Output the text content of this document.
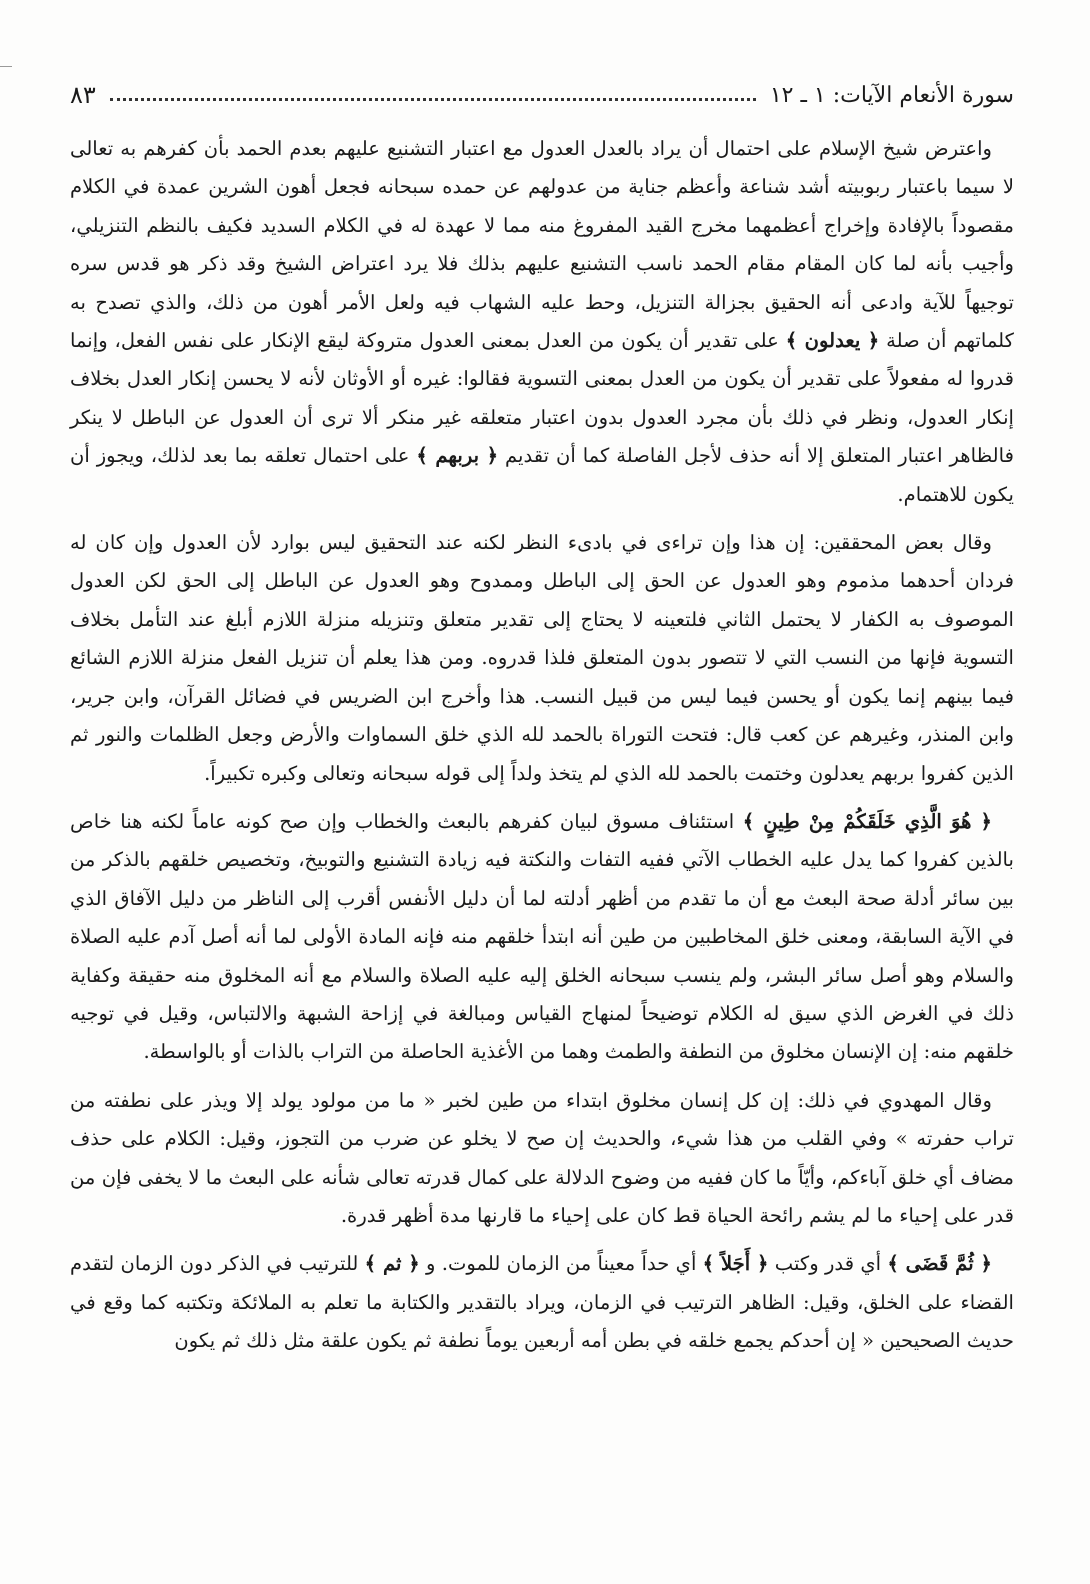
سورة الأنعام الآيات: ١ ـ ١٢
٨٣

واعترض شيخ الإسلام على احتمال أن يراد بالعدل العدول مع اعتبار التشنيع عليهم بعدم الحمد بأن كفرهم به تعالى لا سيما باعتبار ربوبيته أشد شناعة وأعظم جناية من عدولهم عن حمده سبحانه فجعل أهون الشرين عمدة في الكلام مقصوداً بالإفادة وإخراج أعظمهما مخرج القيد المفروغ منه مما لا عهدة له في الكلام السديد فكيف بالنظم التنزيلي، وأجيب بأنه لما كان المقام مقام الحمد ناسب التشنيع عليهم بذلك فلا يرد اعتراض الشيخ وقد ذكر هو قدس سره توجيهاً للآية وادعى أنه الحقيق بجزالة التنزيل، وحط عليه الشهاب فيه ولعل الأمر أهون من ذلك، والذي تصدح به كلماتهم أن صلة ﴿ يعدلون ﴾ على تقدير أن يكون من العدل بمعنى العدول متروكة ليقع الإنكار على نفس الفعل، وإنما قدروا له مفعولاً على تقدير أن يكون من العدل بمعنى التسوية فقالوا: غيره أو الأوثان لأنه لا يحسن إنكار العدل بخلاف إنكار العدول، ونظر في ذلك بأن مجرد العدول بدون اعتبار متعلقه غير منكر ألا ترى أن العدول عن الباطل لا ينكر فالظاهر اعتبار المتعلق إلا أنه حذف لأجل الفاصلة كما أن تقديم ﴿ بربهم ﴾ على احتمال تعلقه بما بعد لذلك، ويجوز أن يكون للاهتمام.

وقال بعض المحققين: إن هذا وإن تراءى في بادىء النظر لكنه عند التحقيق ليس بوارد لأن العدول وإن كان له فردان أحدهما مذموم وهو العدول عن الحق إلى الباطل وممدوح وهو العدول عن الباطل إلى الحق لكن العدول الموصوف به الكفار لا يحتمل الثاني فلتعينه لا يحتاج إلى تقدير متعلق وتنزيله منزلة اللازم أبلغ عند التأمل بخلاف التسوية فإنها من النسب التي لا تتصور بدون المتعلق فلذا قدروه. ومن هذا يعلم أن تنزيل الفعل منزلة اللازم الشائع فيما بينهم إنما يكون أو يحسن فيما ليس من قبيل النسب. هذا وأخرج ابن الضريس في فضائل القرآن، وابن جرير، وابن المنذر، وغيرهم عن كعب قال: فتحت التوراة بالحمد لله الذي خلق السماوات والأرض وجعل الظلمات والنور ثم الذين كفروا بربهم يعدلون وختمت بالحمد لله الذي لم يتخذ ولداً إلى قوله سبحانه وتعالى وكبره تكبيراً.

﴿ هُوَ الَّذِي خَلَقَكُمْ مِنْ طِينٍ ﴾ استئناف مسوق لبيان كفرهم بالبعث والخطاب وإن صح كونه عاماً لكنه هنا خاص بالذين كفروا كما يدل عليه الخطاب الآتي ففيه التفات والنكتة فيه زيادة التشنيع والتوبيخ، وتخصيص خلقهم بالذكر من بين سائر أدلة صحة البعث مع أن ما تقدم من أظهر أدلته لما أن دليل الأنفس أقرب إلى الناظر من دليل الآفاق الذي في الآية السابقة، ومعنى خلق المخاطبين من طين أنه ابتدأ خلقهم منه فإنه المادة الأولى لما أنه أصل آدم عليه الصلاة والسلام وهو أصل سائر البشر، ولم ينسب سبحانه الخلق إليه عليه الصلاة والسلام مع أنه المخلوق منه حقيقة وكفاية ذلك في الغرض الذي سيق له الكلام توضيحاً لمنهاج القياس ومبالغة في إزاحة الشبهة والالتباس، وقيل في توجيه خلقهم منه: إن الإنسان مخلوق من النطفة والطمث وهما من الأغذية الحاصلة من التراب بالذات أو بالواسطة.

وقال المهدوي في ذلك: إن كل إنسان مخلوق ابتداء من طين لخبر « ما من مولود يولد إلا ويذر على نطفته من تراب حفرته » وفي القلب من هذا شيء، والحديث إن صح لا يخلو عن ضرب من التجوز، وقيل: الكلام على حذف مضاف أي خلق آباءكم، وأيّاً ما كان ففيه من وضوح الدلالة على كمال قدرته تعالى شأنه على البعث ما لا يخفى فإن من قدر على إحياء ما لم يشم رائحة الحياة قط كان على إحياء ما قارنها مدة أظهر قدرة.

﴿ ثُمَّ قَضَى ﴾ أي قدر وكتب ﴿ أَجَلاً ﴾ أي حداً معيناً من الزمان للموت. و ﴿ ثم ﴾ للترتيب في الذكر دون الزمان لتقدم القضاء على الخلق، وقيل: الظاهر الترتيب في الزمان، ويراد بالتقدير والكتابة ما تعلم به الملائكة وتكتبه كما وقع في حديث الصحيحين « إن أحدكم يجمع خلقه في بطن أمه أربعين يوماً نطفة ثم يكون علقة مثل ذلك ثم يكون
